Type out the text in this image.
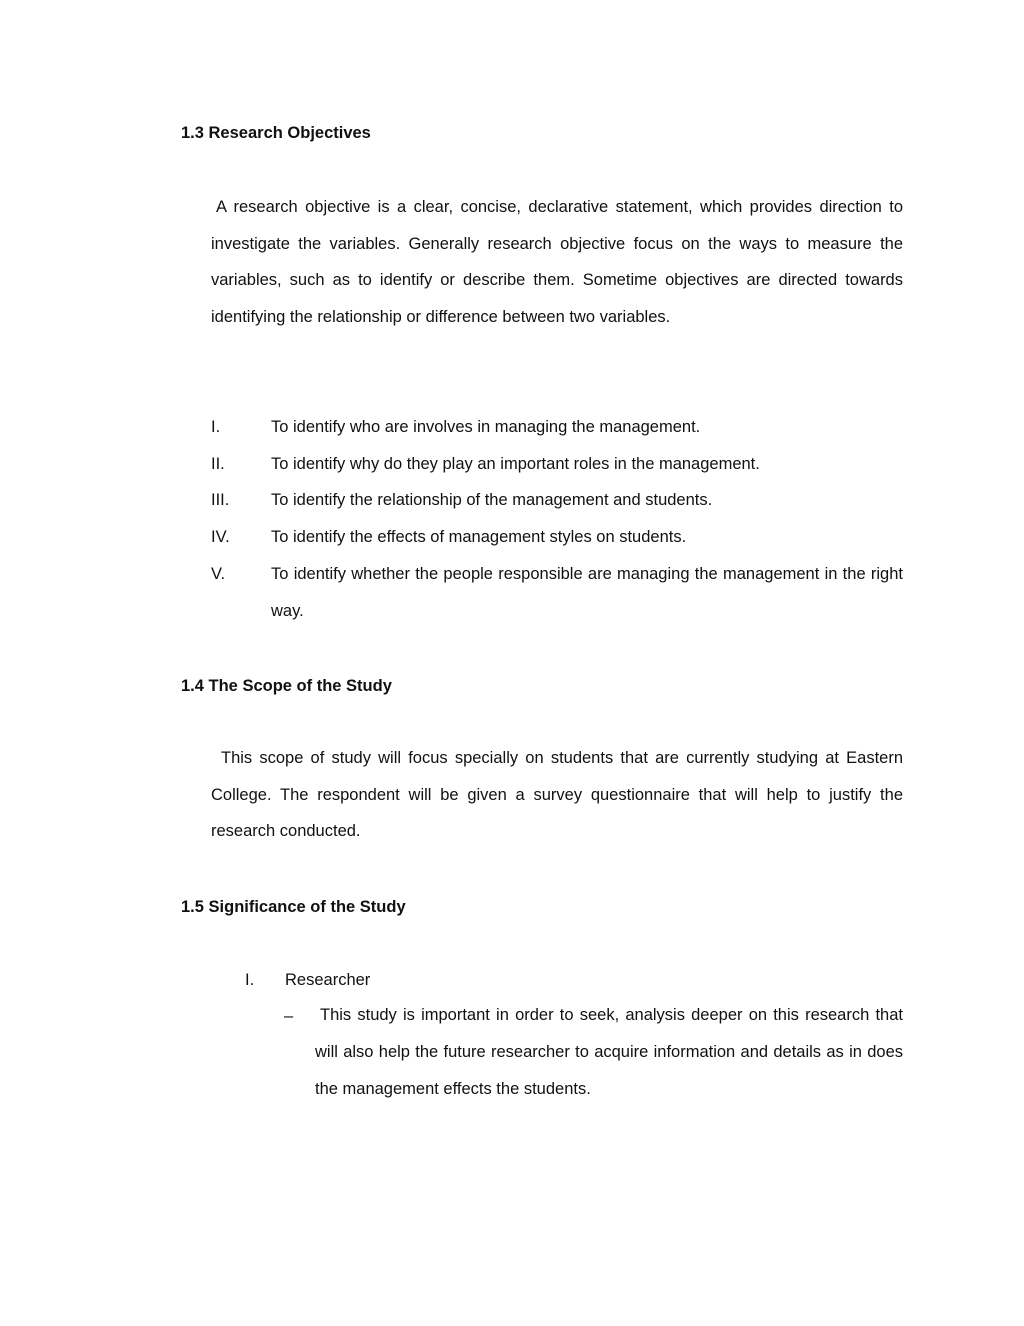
1.3 Research Objectives
A research objective is a clear, concise, declarative statement, which provides direction to investigate the variables. Generally research objective focus on the ways to measure the variables, such as to identify or describe them. Sometime objectives are directed towards identifying the relationship or difference between two variables.
I.	To identify who are involves in managing the management.
II.	To identify why do they play an important roles in the management.
III.	To identify the relationship of the management and students.
IV.	To identify the effects of management styles on students.
V.	To identify whether the people responsible are managing the management in the right way.
1.4 The Scope of the Study
This scope of study will focus specially on students that are currently studying at Eastern College. The respondent will be given a survey questionnaire that will help to justify the research conducted.
1.5 Significance of the Study
I. Researcher
–	This study is important in order to seek, analysis deeper on this research that will also help the future researcher to acquire information and details as in does the management effects the students.
